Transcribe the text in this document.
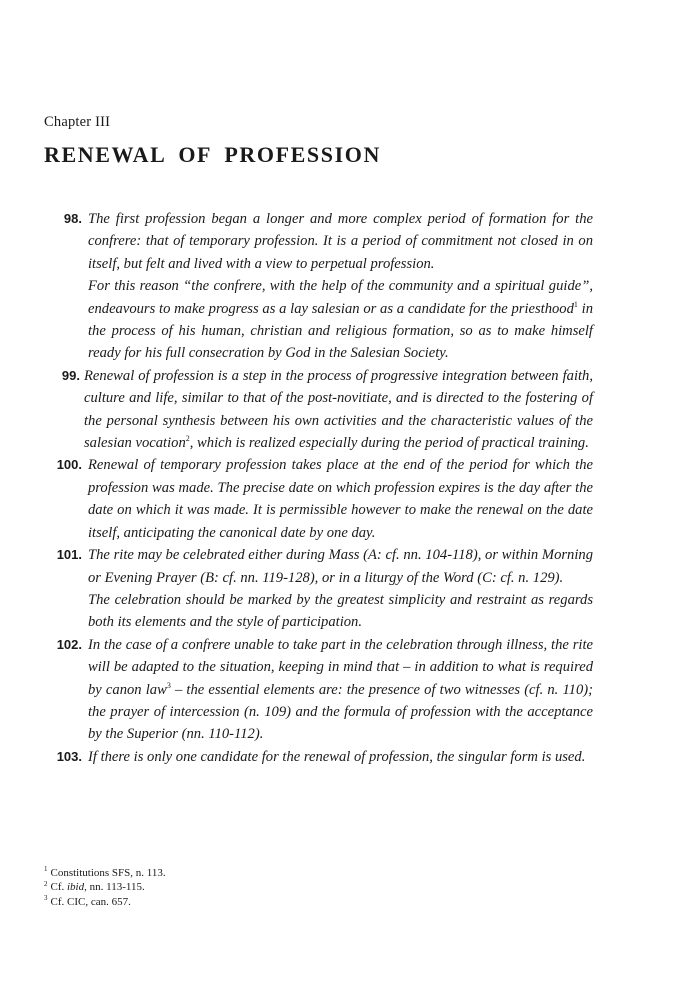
Chapter III
RENEWAL OF PROFESSION
98. The first profession began a longer and more complex period of formation for the confrere: that of temporary profession. It is a period of commitment not closed in on itself, but felt and lived with a view to perpetual profession.

For this reason “the confrere, with the help of the community and a spiritual guide”, endeavours to make progress as a lay salesian or as a candidate for the priesthood$^1$ in the process of his human, christian and religious formation, so as to make himself ready for his full consecration by God in the Salesian Society.

99. Renewal of profession is a step in the process of progressive integration between faith, culture and life, similar to that of the post-novitiate, and is directed to the fostering of the personal synthesis between his own activities and the characteristic values of the salesian vocation$^2$, which is realized especially during the period of practical training.

100. Renewal of temporary profession takes place at the end of the period for which the profession was made. The precise date on which profession expires is the day after the date on which it was made. It is permissible however to make the renewal on the date itself, anticipating the canonical date by one day.

101. The rite may be celebrated either during Mass (A: cf. nn. 104-118), or within Morning or Evening Prayer (B: cf. nn. 119-128), or in a liturgy of the Word (C: cf. n. 129).

The celebration should be marked by the greatest simplicity and restraint as regards both its elements and the style of participation.

102. In the case of a confrere unable to take part in the celebration through illness, the rite will be adapted to the situation, keeping in mind that – in addition to what is required by canon law$^3$ – the essential elements are: the presence of two witnesses (cf. n. 110); the prayer of intercession (n. 109) and the formula of profession with the acceptance by the Superior (nn. 110-112).

103. If there is only one candidate for the renewal of profession, the singular form is used.

$^1$ Constitutions SFS, n. 113.
$^2$ Cf. ibid, nn. 113-115.
$^3$ Cf. CIC, can. 657.
